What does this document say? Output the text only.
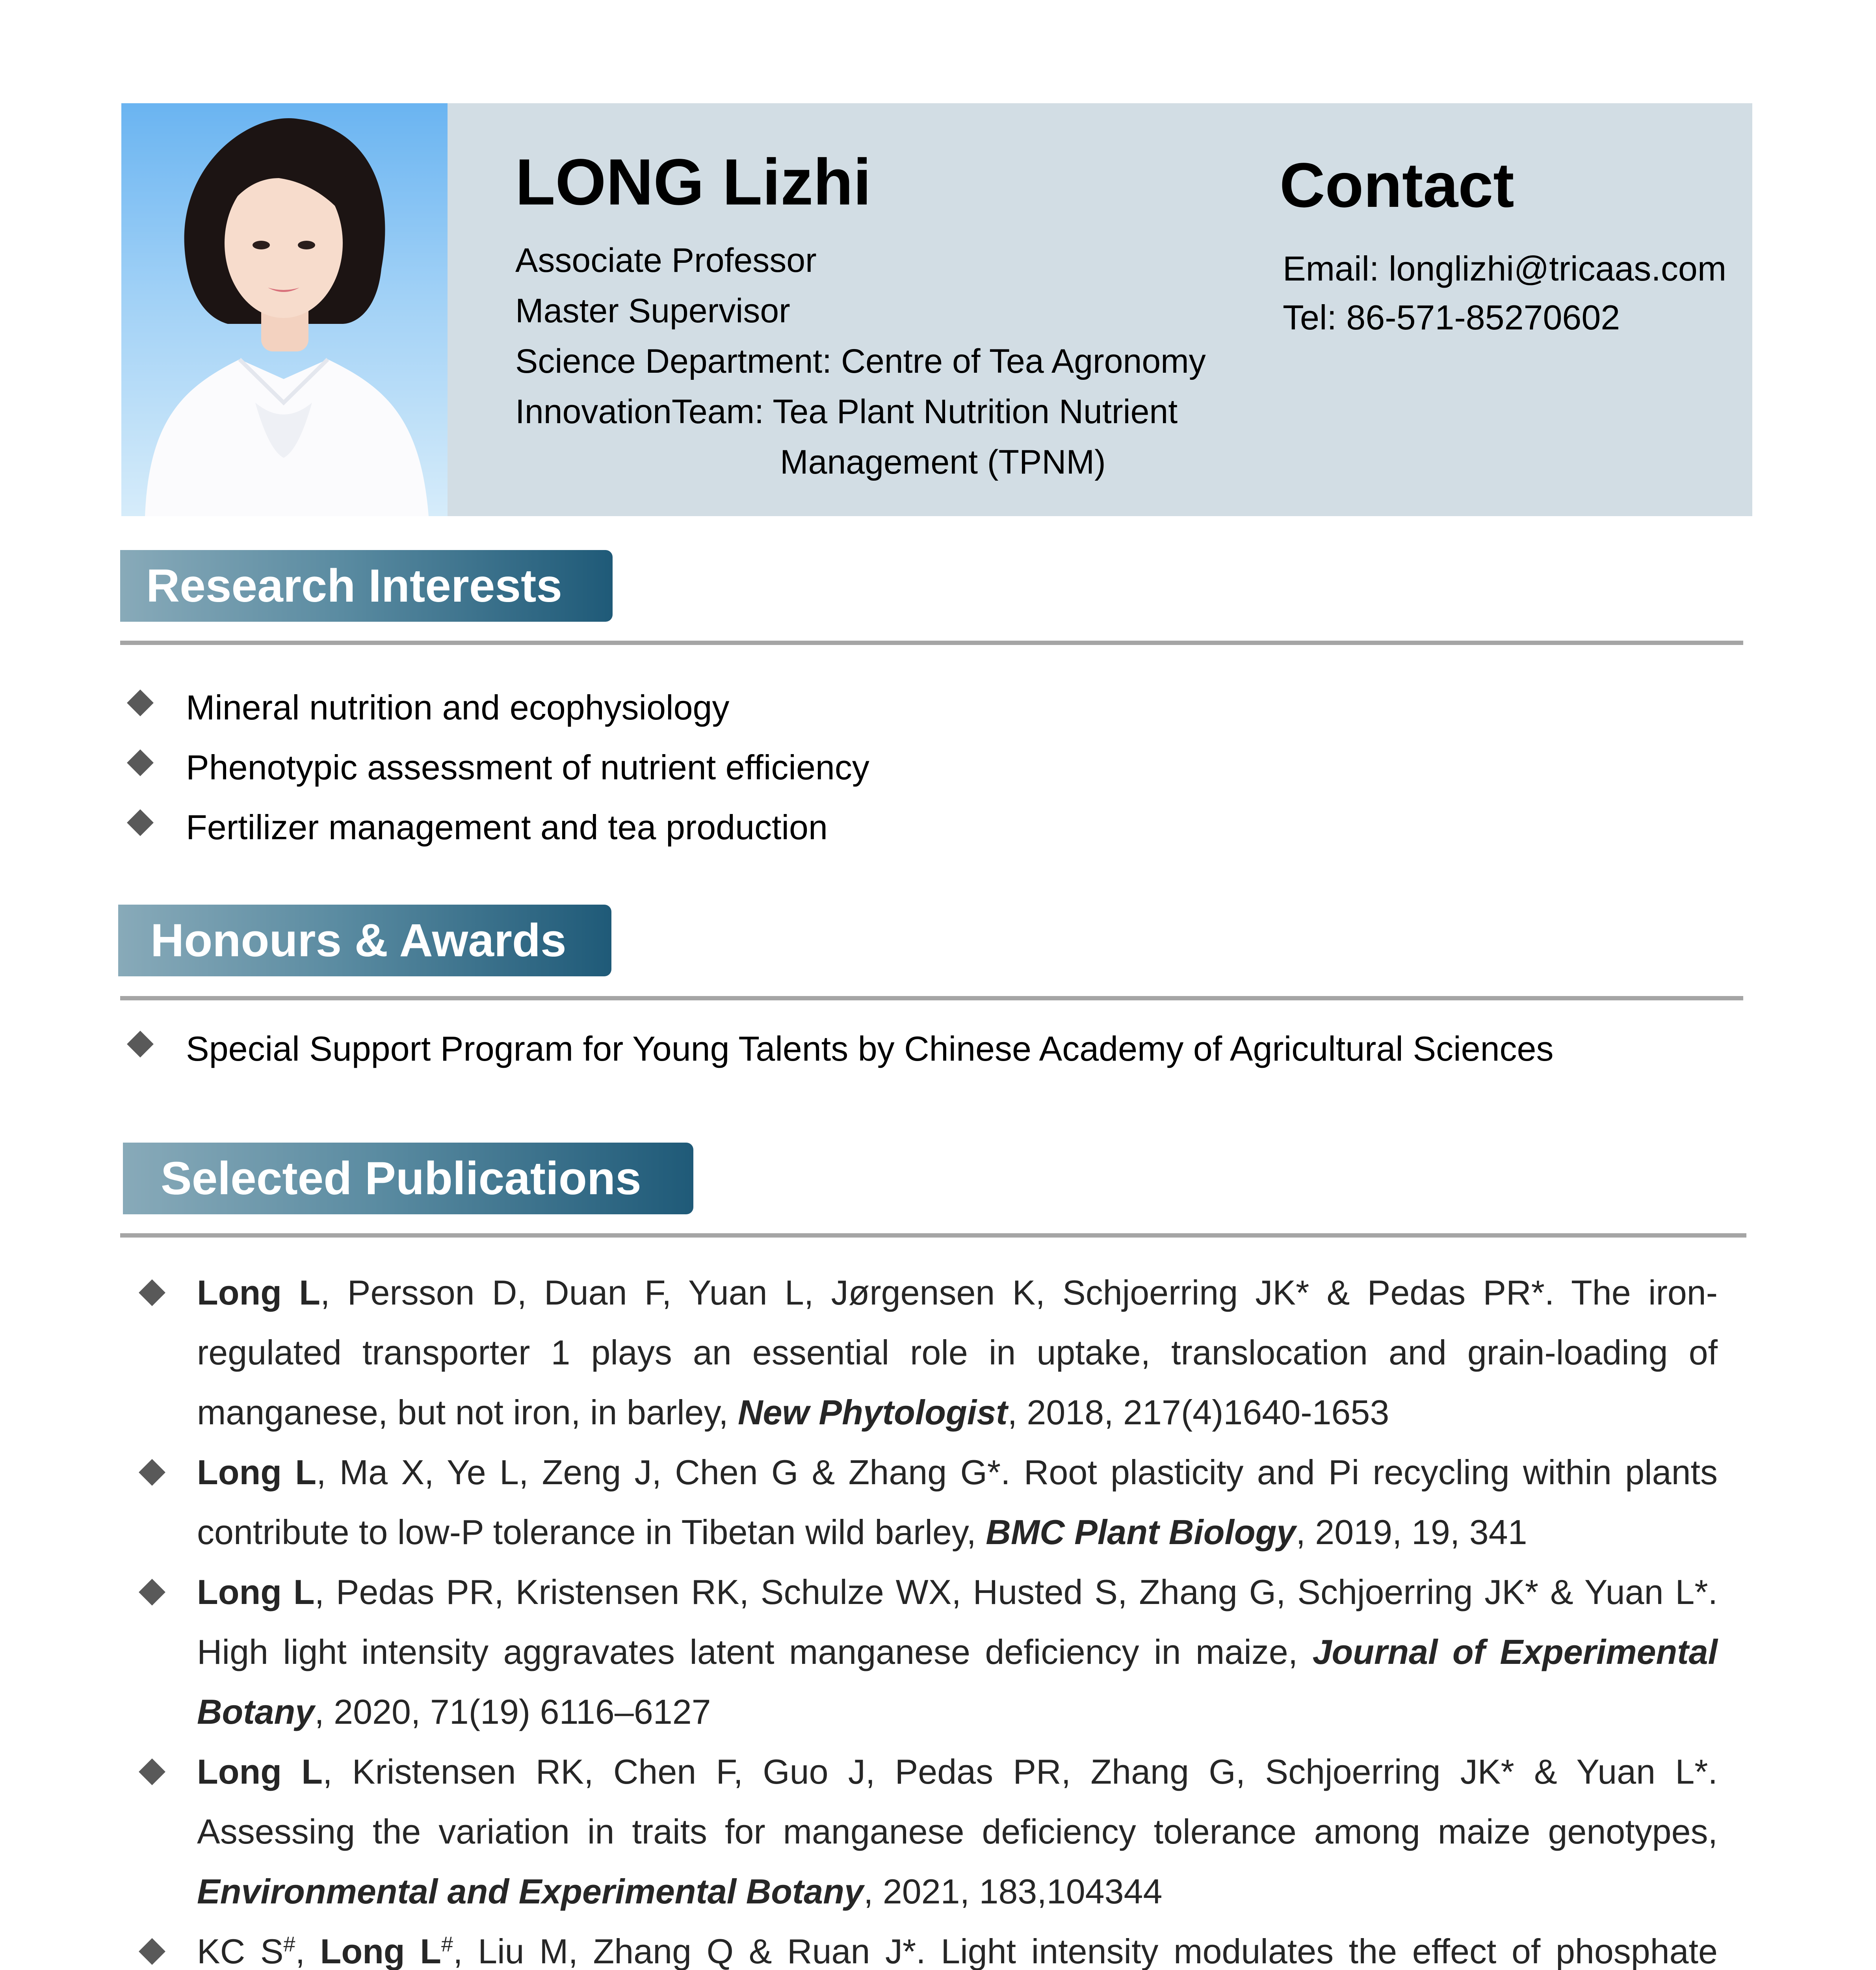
LONG Lizhi
Associate Professor
Master Supervisor
Science Department: Centre of Tea Agronomy
InnovationTeam: Tea Plant Nutrition Nutrient
Management (TPNM)
Contact
Email: longlizhi@tricaas.com
Tel: 86-571-85270602
Research Interests
Mineral nutrition and ecophysiology
Phenotypic assessment of nutrient efficiency
Fertilizer management and tea production
Honours & Awards
Special Support Program for Young Talents by Chinese Academy of Agricultural Sciences
Selected Publications
Long L, Persson D, Duan F, Yuan L, Jørgensen K, Schjoerring JK* & Pedas PR*. The iron-regulated transporter 1 plays an essential role in uptake, translocation and grain-loading of manganese, but not iron, in barley, New Phytologist, 2018, 217(4)1640-1653
Long L, Ma X, Ye L, Zeng J, Chen G & Zhang G*. Root plasticity and Pi recycling within plants contribute to low-P tolerance in Tibetan wild barley, BMC Plant Biology, 2019, 19, 341
Long L, Pedas PR, Kristensen RK, Schulze WX, Husted S, Zhang G, Schjoerring JK* & Yuan L*. High light intensity aggravates latent manganese deficiency in maize, Journal of Experimental Botany, 2020, 71(19) 6116–6127
Long L, Kristensen RK, Chen F, Guo J, Pedas PR, Zhang G, Schjoerring JK* & Yuan L*. Assessing the variation in traits for manganese deficiency tolerance among maize genotypes, Environmental and Experimental Botany, 2021, 183,104344
KC S#, Long L#, Liu M, Zhang Q & Ruan J*. Light intensity modulates the effect of phosphate
